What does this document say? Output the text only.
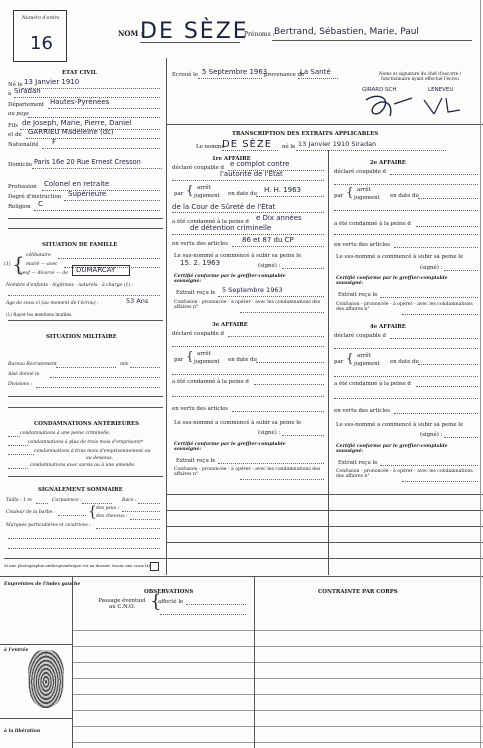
Numéro d'ordre
16	NOM :
DE SÈZE
Prénoms : Bertrand, Sébastien, Marie, Paul
ETAT CIVIL
Né le 13 Janvier 1910
à Siradan
Département Hautes-Pyrénées
ou pays
Fils de Joseph, Marie, Pierre, Daniel
et de GARRIEU Madeleine (dc)
Nationalité F
Domicile Paris 16e 20 Rue Ernest Cresson
Profession Colonel en retraite
Degré d'instruction Supérieure
Religion C
SITUATION DE FAMILLE
célibataire
{
(1)	marié — avec
veuf — divorcé — de DUMARCAY
Nombre d'enfants - légitimes - naturels - à charge (1) :
Age de ceux-ci (au moment de l'écrou) :	53 Ans
(1) Rayer les mentions inutiles.
SITUATION MILITAIRE
Bureau Recrutement	mle
Aisé donné le
Divisions :
CONDAMNATIONS ANTÉRIEURES
condamnations à une peine criminelle,
condamnations à plus de trois mois d'emprisonn*
condamnations à trois mois d'emprisonnement ou
au dessous,
condamnations avec sursis ou à une amende.
SIGNALEMENT SOMMAIRE
Taille : 1 m	Corpulence :	Race :
Couleur de la barbe : { des yeux :
des cheveux :
Marques particulières et cicatrices :
Si une photographie anthropométrique est au dossier, tracer une croix (x)
Ecroué le 5 Septembre 1963
provenance de
La Santé	Noms et signature du chef d'escorte / fonctionnaire ayant effectué l'écrou
GIRARD SCH	LENEVEU
TRANSCRIPTION DES EXTRAITS APPLICABLES
Le nommé
DE SÈZE né le 13 Janvier 1910 Siradan
1re AFFAIRE
déclaré coupable d e complot contre
l'autorité de l'État
par { arrêt
jugement en date du H. H. 1963
de la Cour de Sûreté de l'État
a été condamné à la peine d e Dix années
de détention criminelle
en vertu des articles 86 et 87 du CP
Le sus-nommé a commencé à subir sa peine le
15. 2. 1963	(signé) :
Certifié conforme par le greffier-comptable soussigné:
Extrait reçu le 5 Septembre 1963
Confusion - prononcée - à opérer - avec les condamnations des affaires n°
3e AFFAIRE
déclaré coupable d
par { arrêt
jugement en date du
a été condamné à la peine d
en vertu des articles
Le sus-nommé a commencé à subir sa peine le
(signé) :
Certifié conforme par le greffier-comptable soussigné:
Extrait reçu le
Confusion - prononcée - à opérer - avec les condamnations des affaires n°
2e AFFAIRE
déclaré coupable d
par { arrêt
jugement en date du
a été condamné à la peine d
en vertu des articles
Le sus-nommé a commencé à subir sa peine le
(signé) :
Certifié conforme par le greffier-comptable soussigné:
Extrait reçu le
Confusion - prononcée - à opérer - avec les condamnations des affaires n°
4e AFFAIRE
déclaré coupable d
par { arrêt
jugement en date du
a été condamné à la peine d
en vertu des articles
Le sus-nommé a commencé à subir sa peine le
(signé) :
Certifié conforme par le greffier-comptable soussigné:
Extrait reçu le
Confusion - prononcée - à opérer - avec les condamnations des affaires n°
Empreintes de l'index gauche
à l'entrée
à la libération
OBSERVATIONS
Passage éventuel au C.N.O. {
affecté le
CONTRAINTE PAR CORPS
